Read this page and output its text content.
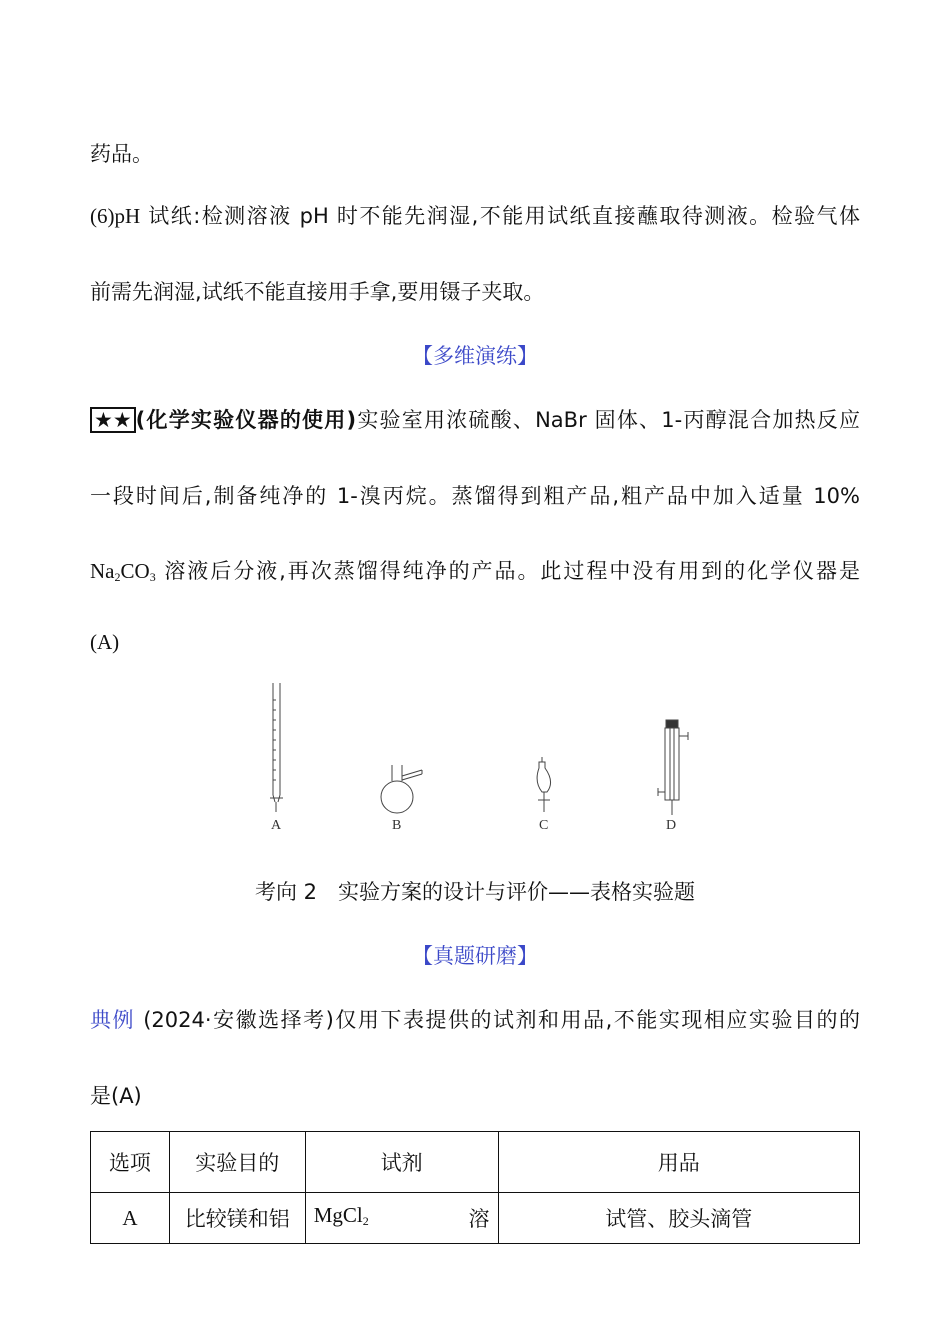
药品。
(6)pH 试纸:检测溶液 pH 时不能先润湿,不能用试纸直接蘸取待测液。检验气体
前需先润湿,试纸不能直接用手拿,要用镊子夹取。
【多维演练】
★★ (化学实验仪器的使用)实验室用浓硫酸、NaBr 固体、1-丙醇混合加热反应
一段时间后,制备纯净的 1-溴丙烷。蒸馏得到粗产品,粗产品中加入适量 10%
$Na_2CO_3$ 溶液后分液,再次蒸馏得纯净的产品。此过程中没有用到的化学仪器是
(A)
A	B	C	D
考向 2　实验方案的设计与评价——表格实验题
【真题研磨】
典例 (2024·安徽选择考)仅用下表提供的试剂和用品,不能实现相应实验目的的
是(A)
选项	实验目的	试剂	用品
A	比较镁和铝	MgCl$_2$ 溶	试管、胶头滴管
